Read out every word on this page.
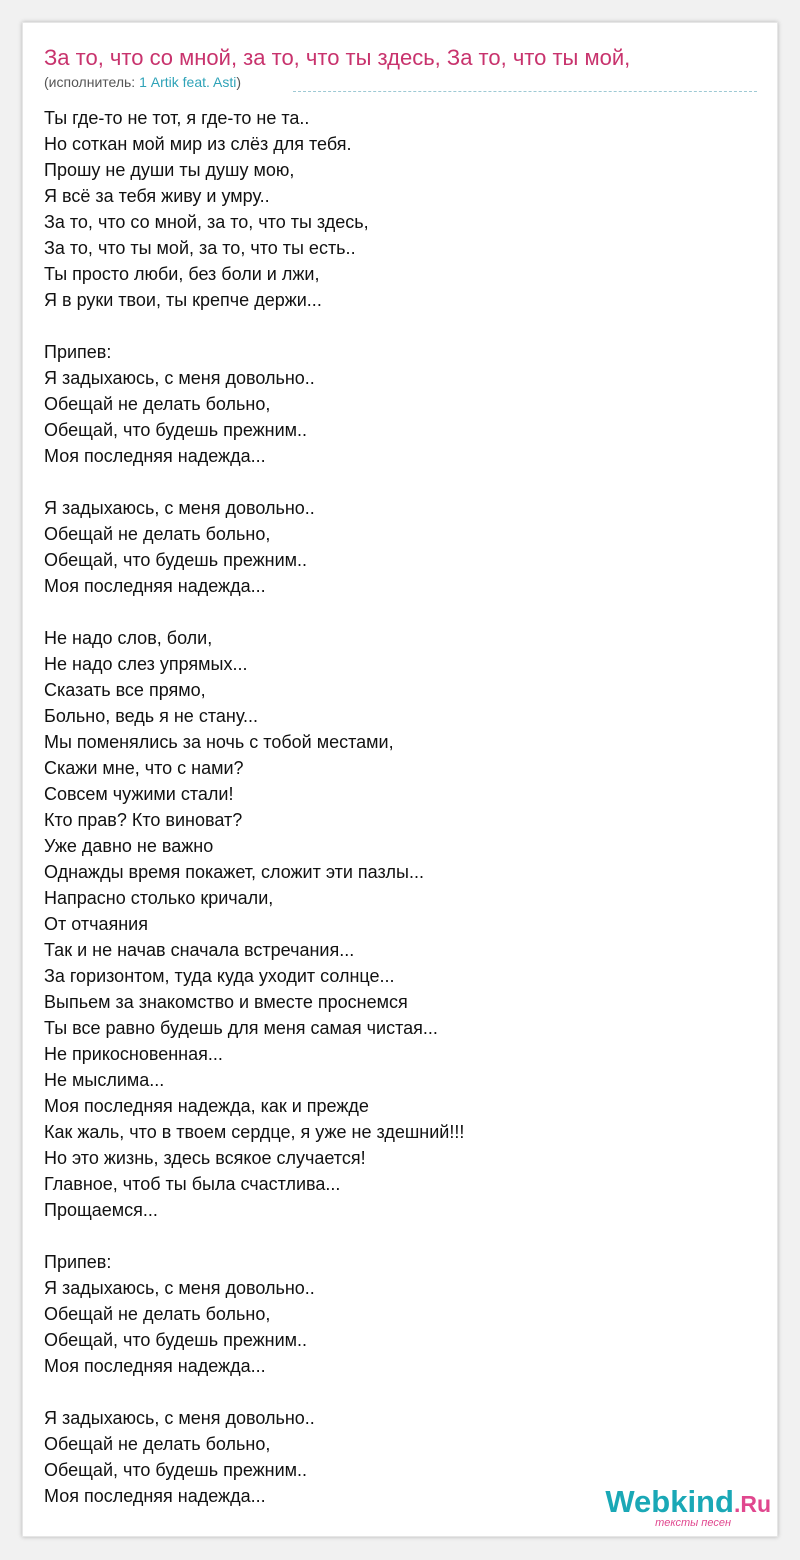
За то, что со мной, за то, что ты здесь, За то, что ты мой,
(исполнитель: 1 Artik feat. Asti)
Ты где-то не тот, я где-то не та..
Но соткан мой мир из слёз для тебя.
Прошу не души ты душу мою,
Я всё за тебя живу и умру..
За то, что со мной, за то, что ты здесь,
За то, что ты мой, за то, что ты есть..
Ты просто люби, без боли и лжи,
Я в руки твои, ты крепче держи...
Припев:
Я задыхаюсь, с меня довольно..
Обещай не делать больно,
Обещай, что будешь прежним..
Моя последняя надежда...
Я задыхаюсь, с меня довольно..
Обещай не делать больно,
Обещай, что будешь прежним..
Моя последняя надежда...
Не надо слов, боли,
Не надо слез упрямых...
Сказать все прямо,
Больно, ведь я не стану...
Мы поменялись за ночь с тобой местами,
Скажи мне, что с нами?
Совсем чужими стали!
Кто прав? Кто виноват?
Уже давно не важно
Однажды время покажет, сложит эти пазлы...
Напрасно столько кричали,
От отчаяния
Так и не начав сначала встречания...
За горизонтом, туда куда уходит солнце...
Выпьем за знакомство и вместе проснемся
Ты все равно будешь для меня самая чистая...
Не прикосновенная...
Не мыслима...
Моя последняя надежда, как и прежде
Как жаль, что в твоем сердце, я уже не здешний!!!
Но это жизнь, здесь всякое случается!
Главное, чтоб ты была счастлива...
Прощаемся...
Припев:
Я задыхаюсь, с меня довольно..
Обещай не делать больно,
Обещай, что будешь прежним..
Моя последняя надежда...
Я задыхаюсь, с меня довольно..
Обещай не делать больно,
Обещай, что будешь прежним..
Моя последняя надежда...	Webkind.Ru
тексты песен
